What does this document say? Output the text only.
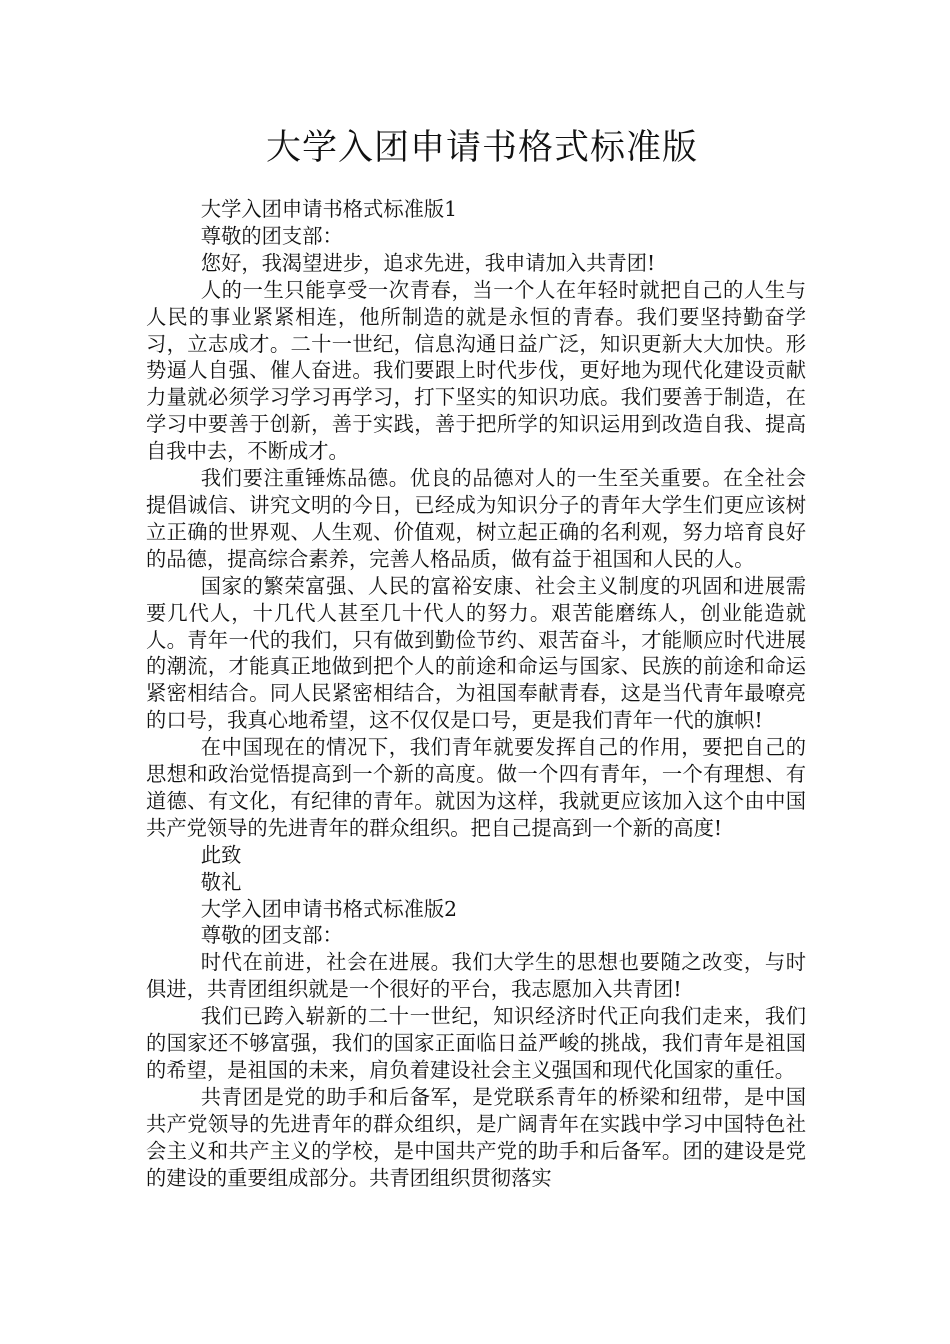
大学入团申请书格式标准版

大学入团申请书格式标准版1

尊敬的团支部：

您好，我渴望进步，追求先进，我申请加入共青团!

人的一生只能享受一次青春，当一个人在年轻时就把自己的人生与人民的事业紧紧相连，他所制造的就是永恒的青春。我们要坚持勤奋学习，立志成才。二十一世纪，信息沟通日益广泛，知识更新大大加快。形势逼人自强、催人奋进。我们要跟上时代步伐，更好地为现代化建设贡献力量就必须学习学习再学习，打下坚实的知识功底。我们要善于制造，在学习中要善于创新，善于实践，善于把所学的知识运用到改造自我、提高自我中去，不断成才。

我们要注重锤炼品德。优良的品德对人的一生至关重要。在全社会提倡诚信、讲究文明的今日，已经成为知识分子的青年大学生们更应该树立正确的世界观、人生观、价值观，树立起正确的名利观，努力培育良好的品德，提高综合素养，完善人格品质，做有益于祖国和人民的人。

国家的繁荣富强、人民的富裕安康、社会主义制度的巩固和进展需要几代人，十几代人甚至几十代人的努力。艰苦能磨练人，创业能造就人。青年一代的我们，只有做到勤俭节约、艰苦奋斗，才能顺应时代进展的潮流，才能真正地做到把个人的前途和命运与国家、民族的前途和命运紧密相结合。同人民紧密相结合，为祖国奉献青春，这是当代青年最嘹亮的口号，我真心地希望，这不仅仅是口号，更是我们青年一代的旗帜!

在中国现在的情况下，我们青年就要发挥自己的作用，要把自己的思想和政治觉悟提高到一个新的高度。做一个四有青年，一个有理想、有道德、有文化，有纪律的青年。就因为这样，我就更应该加入这个由中国共产党领导的先进青年的群众组织。把自己提高到一个新的高度!

此致

敬礼

大学入团申请书格式标准版2

尊敬的团支部：

时代在前进，社会在进展。我们大学生的思想也要随之改变，与时俱进，共青团组织就是一个很好的平台，我志愿加入共青团!

我们已跨入崭新的二十一世纪，知识经济时代正向我们走来，我们的国家还不够富强，我们的国家正面临日益严峻的挑战，我们青年是祖国的希望，是祖国的未来，肩负着建设社会主义强国和现代化国家的重任。

共青团是党的助手和后备军，是党联系青年的桥梁和纽带，是中国共产党领导的先进青年的群众组织，是广阔青年在实践中学习中国特色社会主义和共产主义的学校，是中国共产党的助手和后备军。团的建设是党的建设的重要组成部分。共青团组织贯彻落实
